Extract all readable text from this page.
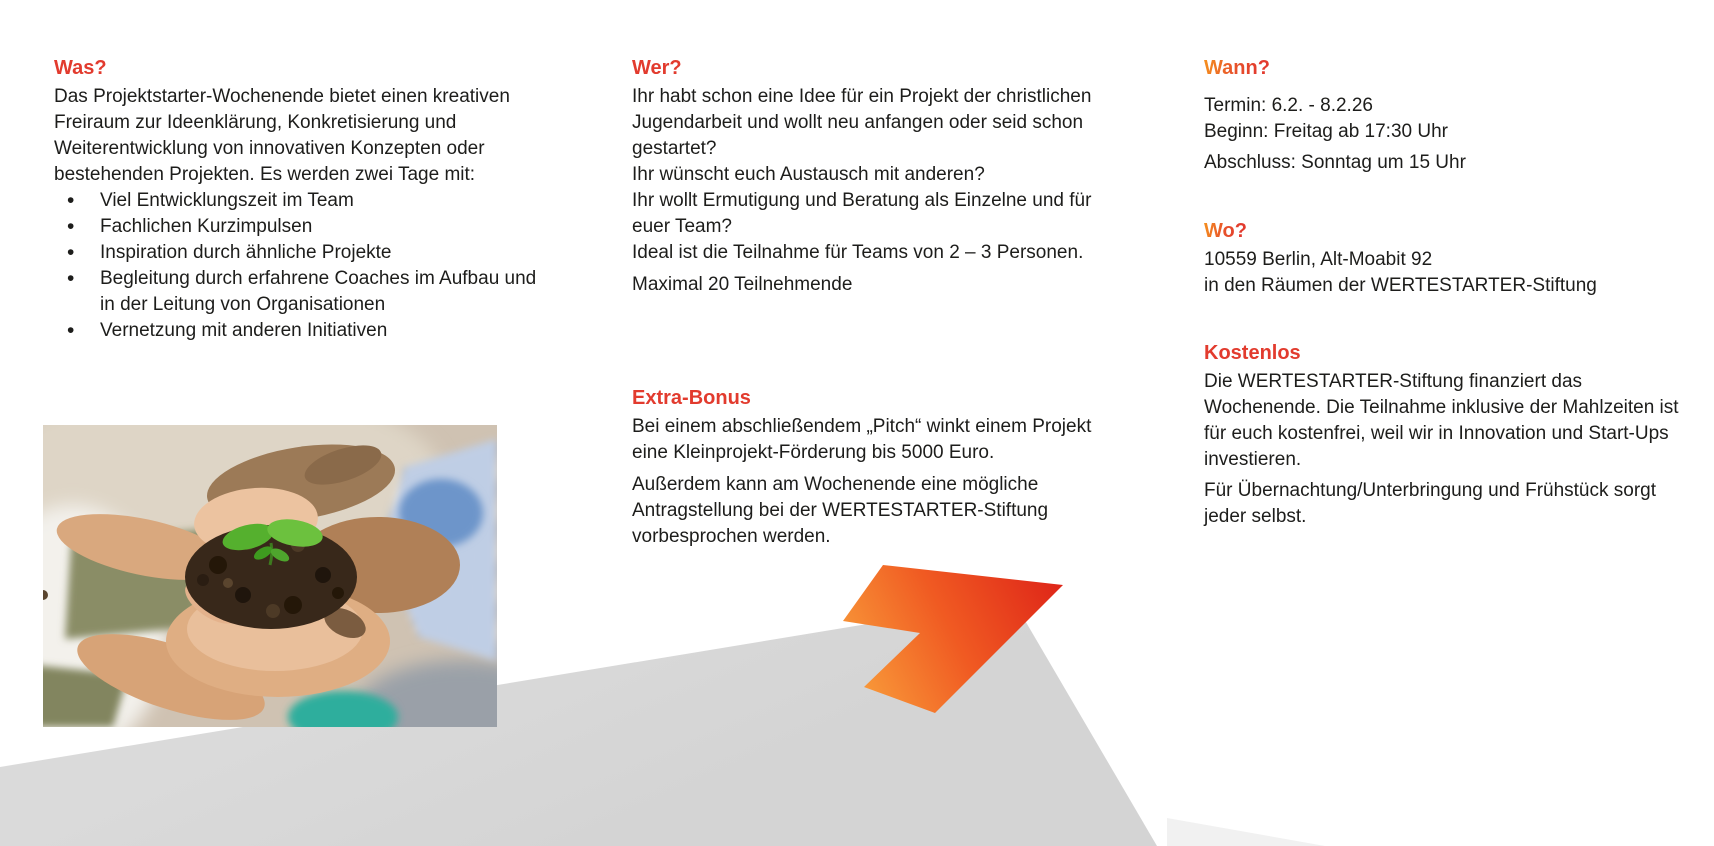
Was?

Das Projektstarter-Wochenende bietet einen kreativen Freiraum zur Ideenklärung, Konkretisierung und Weiterentwicklung von innovativen Konzepten oder bestehenden Projekten. Es werden zwei Tage mit:

• Viel Entwicklungszeit im Team
• Fachlichen Kurzimpulsen
• Inspiration durch ähnliche Projekte
• Begleitung durch erfahrene Coaches im Aufbau und in der Leitung von Organisationen
• Vernetzung mit anderen Initiativen
Wer?

Ihr habt schon eine Idee für ein Projekt der christlichen Jugendarbeit und wollt neu anfangen oder seid schon gestartet?

Ihr wünscht euch Austausch mit anderen?

Ihr wollt Ermutigung und Beratung als Einzelne und für euer Team?

Ideal ist die Teilnahme für Teams von 2 – 3 Personen.

Maximal 20 Teilnehmende

Extra-Bonus

Bei einem abschließendem „Pitch“ winkt einem Projekt eine Kleinprojekt-Förderung bis 5000 Euro.

Außerdem kann am Wochenende eine mögliche Antragstellung bei der WERTESTARTER-Stiftung vorbesprochen werden.

Wann?

Termin: 6.2. - 8.2.26

Beginn: Freitag ab 17:30 Uhr

Abschluss: Sonntag um 15 Uhr

Wo?

10559 Berlin, Alt-Moabit 92

in den Räumen der WERTESTARTER-Stiftung

Kostenlos

Die WERTESTARTER-Stiftung finanziert das Wochenende. Die Teilnahme inklusive der Mahlzeiten ist für euch kostenfrei, weil wir in Innovation und Start-Ups investieren.

Für Übernachtung/Unterbringung und Frühstück sorgt jeder selbst.
